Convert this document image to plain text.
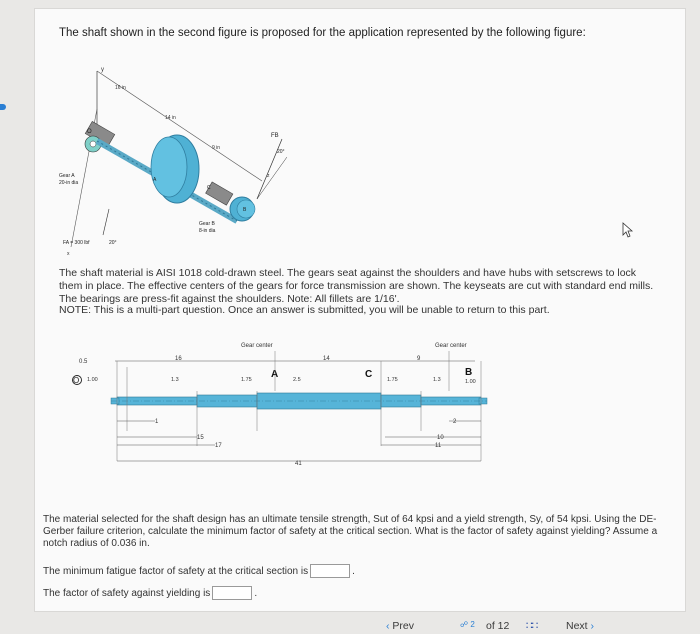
The shaft shown in the second figure is proposed for the application represented by the following figure:
y
16 in
14 in
9 in
O
A
C
B
FB
20°
Gear A
20-in dia
Gear B
8-in dia
FA = 300 lbf	20°
x
z
The shaft material is AISI 1018 cold-drawn steel. The gears seat against the shoulders and have hubs with setscrews to lock them in place. The effective centers of the gears for force transmission are shown. The keyseats are cut with standard end mills. The bearings are press-fit against the shoulders. Note: All fillets are 1/16'.
NOTE: This is a multi-part question. Once an answer is submitted, you will be unable to return to this part.
Gear center	Gear center
0.5	16	14	9
O 1.00	1.3	1.75	2.5	1.75	1.3
A	C	B
1.00
1
15
17
41
2
10
11
The material selected for the shaft design has an ultimate tensile strength, Sut of 64 kpsi and a yield strength, Sy, of 54 kpsi. Using the DE-Gerber failure criterion, calculate the minimum factor of safety at the critical section. What is the factor of safety against yielding? Assume a notch radius of 0.036 in.
The minimum fatigue factor of safety at the critical section is	.
The factor of safety against yielding is	.
‹ Prev	☍ 2 of 12 ∷∷	Next ›
